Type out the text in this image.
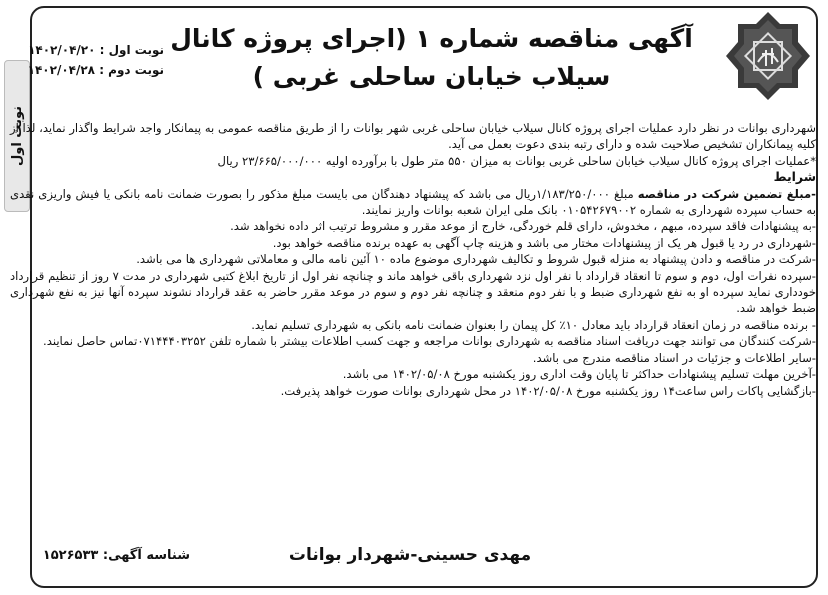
نوبت اول
آگهی مناقصه شماره ۱ (اجرای پروژه کانال
سیلاب خیابان ساحلی غربی )
نوبت اول : ۱۴۰۲/۰۴/۲۰
نوبت دوم : ۱۴۰۲/۰۴/۲۸

شهرداری بوانات در نظر دارد عملیات اجرای پروژه کانال سیلاب خیابان ساحلی غربی شهر بوانات را از طریق مناقصه عمومی به پیمانکار واجد شرایط واگذار نماید، لذا از کلیه پیمانکاران تشخیص صلاحیت شده و دارای رتبه بندی دعوت بعمل می آید.

*عملیات اجرای پروژه کانال سیلاب خیابان ساحلی غربی بوانات به میزان ۵۵۰ متر طول با برآورده اولیه ۲۳/۶۶۵/۰۰۰/۰۰۰ ریال

شرایط

-مبلغ تضمین شرکت در مناقصه مبلغ ۱/۱۸۳/۲۵۰/۰۰۰ریال می باشد که پیشنهاد دهندگان می بایست مبلغ مذکور را بصورت ضمانت نامه بانکی یا فیش واریزی نقدی به حساب سپرده شهرداری به شماره ۰۱۰۵۴۲۶۷۹۰۰۲ بانک ملی ایران شعبه بوانات واریز نمایند.

-به پیشنهادات فاقد سپرده، مبهم ، مخدوش، دارای قلم خوردگی، خارج از موعد مقرر و مشروط ترتیب اثر داده نخواهد شد.

-شهرداری در رد یا قبول هر یک از پیشنهادات مختار می باشد و هزینه چاپ آگهی به عهده برنده مناقصه خواهد بود.

-شرکت در مناقصه و دادن پیشنهاد به منزله قبول شروط و تکالیف شهرداری موضوع ماده ۱۰ آئین نامه مالی و معاملاتی شهرداری ها می باشد.

-سپرده نفرات اول، دوم و سوم تا انعقاد قرارداد با نفر اول نزد شهرداری باقی خواهد ماند و چنانچه نفر اول از تاریخ ابلاغ کتبی شهرداری در مدت ۷ روز از تنظیم قرارداد خودداری نماید سپرده او به نفع شهرداری ضبط و با نفر دوم منعقد و چنانچه نفر دوم و سوم در موعد مقرر حاضر به عقد قرارداد نشوند سپرده آنها نیز به نفع شهرداری ضبط خواهد شد.

- برنده مناقصه در زمان انعقاد قرارداد باید معادل ۱۰٪ کل پیمان را بعنوان ضمانت نامه بانکی به شهرداری تسلیم نماید.

-شرکت کنندگان می توانند جهت دریافت اسناد مناقصه به شهرداری بوانات مراجعه و جهت کسب اطلاعات بیشتر با شماره تلفن ۰۷۱۴۴۴۰۳۲۵۲تماس حاصل نمایند.

-سایر اطلاعات و جزئیات در اسناد مناقصه مندرج می باشد.

-آخرین مهلت تسلیم پیشنهادات حداکثر تا پایان وقت اداری روز یکشنبه مورخ ۱۴۰۲/۰۵/۰۸ می باشد.

-بازگشایی پاکات راس ساعت۱۴ روز یکشنبه مورخ ۱۴۰۲/۰۵/۰۸ در محل شهرداری بوانات صورت خواهد پذیرفت.

مهدی حسینی-شهردار بوانات
شناسه آگهی: ۱۵۲۶۵۳۳
